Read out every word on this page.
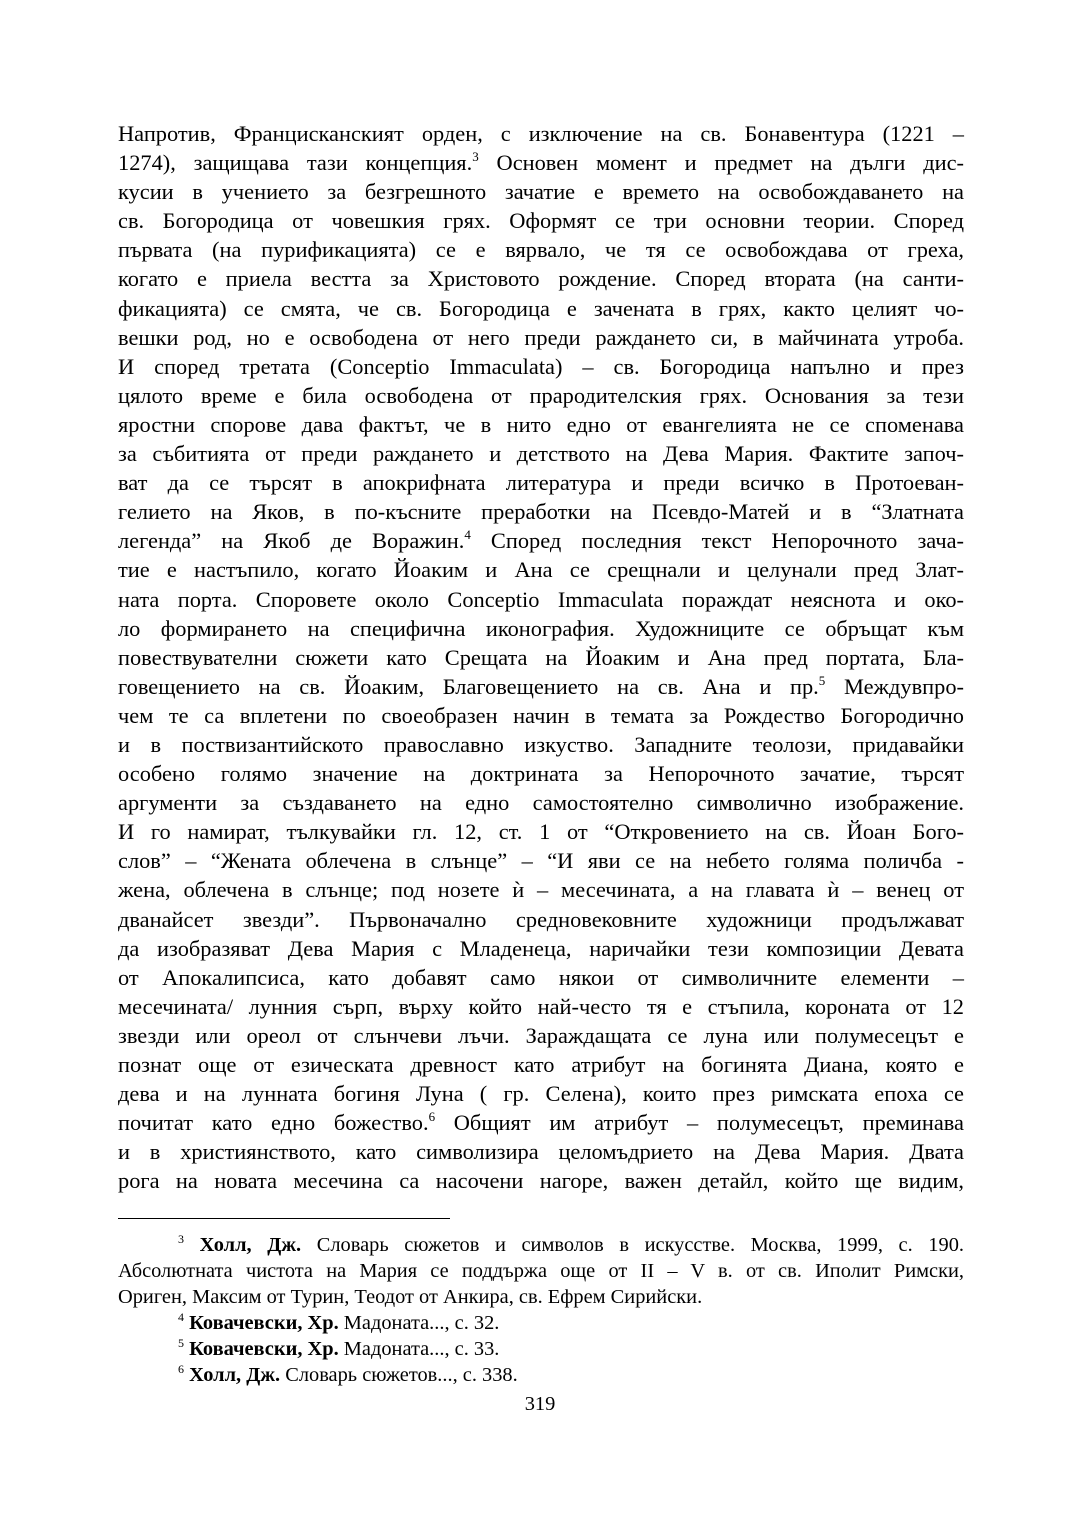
Напротив, Францисканският орден, с изключение на св. Бонавентура (1221 –
1274), защищава тази концепция.$^3$ Основен момент и предмет на дълги дис-
кусии в учението за безгрешното зачатие е времето на освобождаването на
св. Богородица от човешкия грях. Оформят се три основни теории. Според
първата (на пурификацията) се е вярвало, че тя се освобождава от греха,
когато е приела вестта за Христовото рождение. Според втората (на санти-
фикацията) се смята, че св. Богородица е зачената в грях, както целият чо-
вешки род, но е освободена от него преди раждането си, в майчината утроба.
И според третата (Conceptio Immaculata) – св. Богородица напълно и през
цялото време е била освободена от прародителския грях. Основания за тези
яростни спорове дава фактът, че в нито едно от евангелията не се споменава
за събитията от преди раждането и детството на Дева Мария. Фактите започ-
ват да се търсят в апокрифната литература и преди всичко в Протоеван-
гелието на Яков, в по-късните преработки на Псевдо-Матей и в “Златната
легенда” на Якоб де Воражин.$^4$ Според последния текст Непорочното зача-
тие е настъпило, когато Йоаким и Ана се срещнали и целунали пред Злат-
ната порта. Споровете около Conceptio Immaculata пораждат неяснота и око-
ло формирането на специфична иконография. Художниците се обръщат към
повествувателни сюжети като Срещата на Йоаким и Ана пред портата, Бла-
говещението на св. Йоаким, Благовещението на св. Ана и пр.$^5$ Междувпро-
чем те са вплетени по своеобразен начин в темата за Рождество Богородично
и в поствизантийското православно изкуство. Западните теолози, придавайки
особено голямо значение на доктрината за Непорочното зачатие, търсят
аргументи за създаването на едно самостоятелно символично изображение.
И го намират, тълкувайки гл. 12, ст. 1 от “Откровението на св. Йоан Бого-
слов” – “Жената облечена в слънце” – “И яви се на небето голяма поличба -
жена, облечена в слънце; под нозете ѝ – месечината, а на главата ѝ – венец от
дванайсет звезди”. Първоначално средновековните художници продължават
да изобразяват Дева Мария с Младенеца, наричайки тези композиции Девата
от Апокалипсиса, като добавят само някои от символичните елементи –
месечината/ лунния сърп, върху който най-често тя е стъпила, короната от 12
звезди или ореол от слънчеви лъчи. Зараждащата се луна или полумесецът е
познат още от езическата древност като атрибут на богинята Диана, която е
дева и на лунната богиня Луна ( гр. Селена), които през римската епоха се
почитат като едно божество.$^6$ Общият им атрибут – полумесецът, преминава
и в християнството, като символизира целомъдрието на Дева Мария. Двата
рога на новата месечина са насочени нагоре, важен детайл, който ще видим,
$^3$ Холл, Дж. Словарь сюжетов и символов в искусстве. Москва, 1999, с. 190.
Абсолютната чистота на Мария се поддържа още от II – V в. от св. Иполит Римски,
Ориген, Максим от Турин, Теодот от Анкира, св. Ефрем Сирийски.
$^4$ Ковачевски, Хр. Мадоната..., с. 32.
$^5$ Ковачевски, Хр. Мадоната..., с. 33.
$^6$ Холл, Дж. Словарь сюжетов..., с. 338.
319
